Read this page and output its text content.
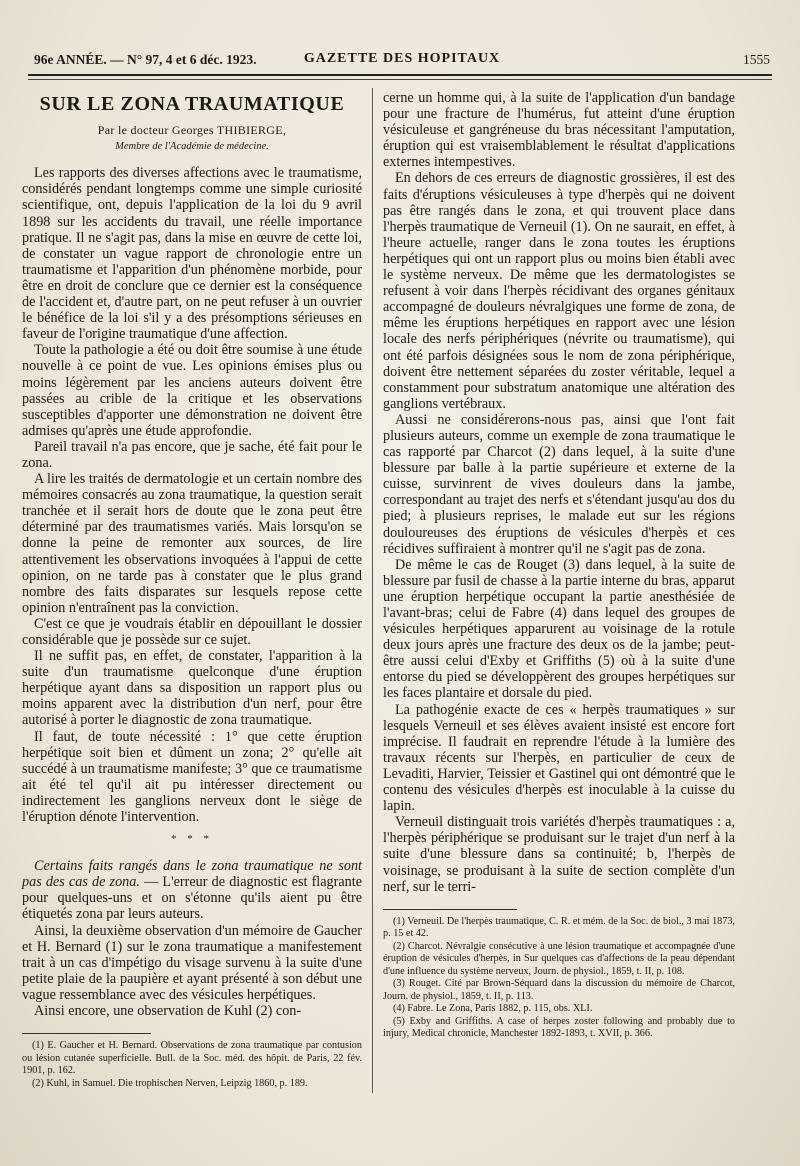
96e ANNÉE. — N° 97, 4 et 6 déc. 1923.	GAZETTE DES HOPITAUX	1555
SUR LE ZONA TRAUMATIQUE
Par le docteur Georges THIBIERGE,
Membre de l'Académie de médecine.

Les rapports des diverses affections avec le traumatisme, considérés pendant longtemps comme une simple curiosité scientifique, ont, depuis l'application de la loi du 9 avril 1898 sur les accidents du travail, une réelle importance pratique. Il ne s'agit pas, dans la mise en œuvre de cette loi, de constater un vague rapport de chronologie entre un traumatisme et l'apparition d'un phénomène morbide, pour être en droit de conclure que ce dernier est la conséquence de l'accident et, d'autre part, on ne peut refuser à un ouvrier le bénéfice de la loi s'il y a des présomptions sérieuses en faveur de l'origine traumatique d'une affection.

Toute la pathologie a été ou doit être soumise à une étude nouvelle à ce point de vue. Les opinions émises plus ou moins légèrement par les anciens auteurs doivent être passées au crible de la critique et les observations susceptibles d'apporter une démonstration ne doivent être admises qu'après une étude approfondie.

Pareil travail n'a pas encore, que je sache, été fait pour le zona.

A lire les traités de dermatologie et un certain nombre des mémoires consacrés au zona traumatique, la question serait tranchée et il serait hors de doute que le zona peut être déterminé par des traumatismes variés. Mais lorsqu'on se donne la peine de remonter aux sources, de lire attentivement les observations invoquées à l'appui de cette opinion, on ne tarde pas à constater que le plus grand nombre des faits disparates sur lesquels repose cette opinion n'entraînent pas la conviction.

C'est ce que je voudrais établir en dépouillant le dossier considérable que je possède sur ce sujet.

Il ne suffit pas, en effet, de constater, l'apparition à la suite d'un traumatisme quelconque d'une éruption herpétique ayant dans sa disposition un rapport plus ou moins apparent avec la distribution d'un nerf, pour être autorisé à porter le diagnostic de zona traumatique.

Il faut, de toute nécessité : 1° que cette éruption herpétique soit bien et dûment un zona; 2° qu'elle ait succédé à un traumatisme manifeste; 3° que ce traumatisme ait été tel qu'il ait pu intéresser directement ou indirectement les ganglions nerveux dont le siège de l'éruption dénote l'intervention.

* * *

Certains faits rangés dans le zona traumatique ne sont pas des cas de zona. — L'erreur de diagnostic est flagrante pour quelques-uns et on s'étonne qu'ils aient pu être étiquetés zona par leurs auteurs.

Ainsi, la deuxième observation d'un mémoire de Gaucher et H. Bernard (1) sur le zona traumatique a manifestement trait à un cas d'impétigo du visage survenu à la suite d'une petite plaie de la paupière et ayant présenté à son début une vague ressemblance avec des vésicules herpétiques.

Ainsi encore, une observation de Kuhl (2) con-

(1) E. Gaucher et H. Bernard. Observations de zona traumatique par contusion ou lésion cutanée superficielle. Bull. de la Soc. méd. des hôpit. de Paris, 22 fév. 1901, p. 162.

(2) Kuhl, in Samuel. Die trophischen Nerven, Leipzig 1860, p. 189.

cerne un homme qui, à la suite de l'application d'un bandage pour une fracture de l'humérus, fut atteint d'une éruption vésiculeuse et gangréneuse du bras nécessitant l'amputation, éruption qui est vraisemblablement le résultat d'applications externes intempestives.

En dehors de ces erreurs de diagnostic grossières, il est des faits d'éruptions vésiculeuses à type d'herpès qui ne doivent pas être rangés dans le zona, et qui trouvent place dans l'herpès traumatique de Verneuil (1). On ne saurait, en effet, à l'heure actuelle, ranger dans le zona toutes les éruptions herpétiques qui ont un rapport plus ou moins bien établi avec le système nerveux. De même que les dermatologistes se refusent à voir dans l'herpès récidivant des organes génitaux accompagné de douleurs névralgiques une forme de zona, de même les éruptions herpétiques en rapport avec une lésion locale des nerfs périphériques (névrite ou traumatisme), qui ont été parfois désignées sous le nom de zona périphérique, doivent être nettement séparées du zoster véritable, lequel a constamment pour substratum anatomique une altération des ganglions vertébraux.

Aussi ne considérerons-nous pas, ainsi que l'ont fait plusieurs auteurs, comme un exemple de zona traumatique le cas rapporté par Charcot (2) dans lequel, à la suite d'une blessure par balle à la partie supérieure et externe de la cuisse, survinrent de vives douleurs dans la jambe, correspondant au trajet des nerfs et s'étendant jusqu'au dos du pied; à plusieurs reprises, le malade eut sur les régions douloureuses des éruptions de vésicules d'herpès et ces récidives suffiraient à montrer qu'il ne s'agit pas de zona.

De même le cas de Rouget (3) dans lequel, à la suite de blessure par fusil de chasse à la partie interne du bras, apparut une éruption herpétique occupant la partie anesthésiée de l'avant-bras; celui de Fabre (4) dans lequel des groupes de vésicules herpétiques apparurent au voisinage de la rotule deux jours après une fracture des deux os de la jambe; peut-être aussi celui d'Exby et Griffiths (5) où à la suite d'une entorse du pied se développèrent des groupes herpétiques sur les faces plantaire et dorsale du pied.

La pathogénie exacte de ces « herpès traumatiques » sur lesquels Verneuil et ses élèves avaient insisté est encore fort imprécise. Il faudrait en reprendre l'étude à la lumière des travaux récents sur l'herpès, en particulier de ceux de Levaditi, Harvier, Teissier et Gastinel qui ont démontré que le contenu des vésicules d'herpès est inoculable à la cuisse du lapin.

Verneuil distinguait trois variétés d'herpès traumatiques : a, l'herpès périphérique se produisant sur le trajet d'un nerf à la suite d'une blessure dans sa continuité; b, l'herpès de voisinage, se produisant à la suite de section complète d'un nerf, sur le terri-

(1) Verneuil. De l'herpès traumatique, C. R. et mém. de la Soc. de biol., 3 mai 1873, p. 15 et 42.

(2) Charcot. Névralgie consécutive à une lésion traumatique et accompagnée d'une éruption de vésicules d'herpès, in Sur quelques cas d'affections de la peau dépendant d'une influence du système nerveux, Journ. de physiol., 1859, t. II, p. 108.

(3) Rouget. Cité par Brown-Séquard dans la discussion du mémoire de Charcot, Journ. de physiol., 1859, t. II, p. 113.

(4) Fabre. Le Zona, Paris 1882, p. 115, obs. XLI.

(5) Exby and Griffiths. A case of herpes zoster following and probably due to injury, Medical chronicle, Manchester 1892-1893, t. XVII, p. 366.
